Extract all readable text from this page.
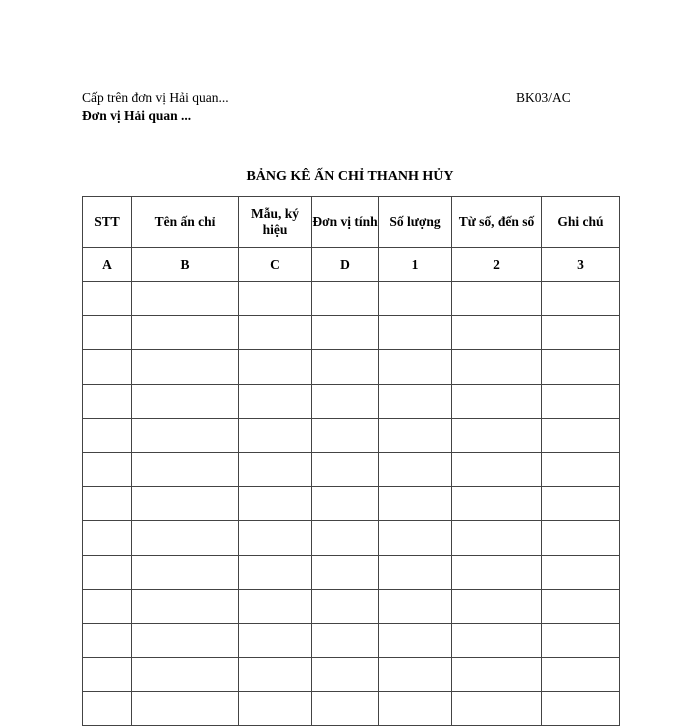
Cấp trên đơn vị Hải quan...
Đơn vị Hải quan ...
BK03/AC
BẢNG KÊ ẤN CHỈ THANH HỦY
STT	Tên ấn chỉ	Mẫu, ký hiệu	Đơn vị tính	Số lượng	Từ số, đến số	Ghi chú
A	B	C	D	1	2	3
